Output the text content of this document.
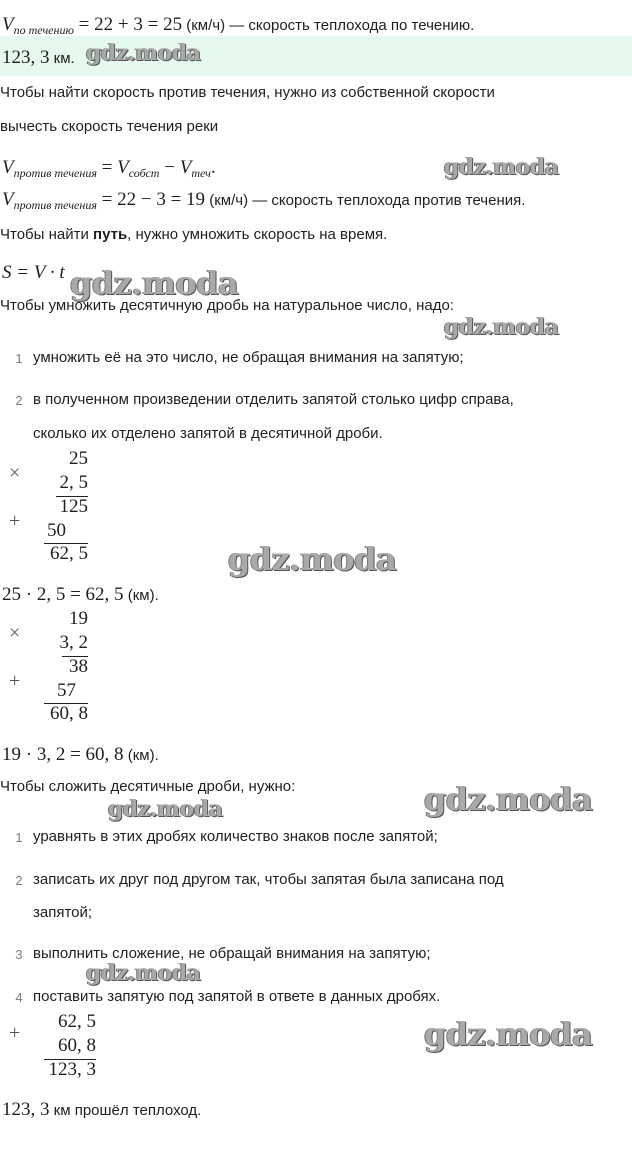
$V_{по течению} = 22 + 3 = 25$ (км/ч) — скорость теплохода по течению.
123, 3 км. gdz.moda
Чтобы найти скорость против течения, нужно из собственной скорости
вычесть скорость течения реки
$V_{против течения} = V_{собст} - V_{теч}$.	gdz.moda
$V_{против течения} = 22 - 3 = 19$ (км/ч) — скорость теплохода против течения.
Чтобы найти путь, нужно умножить скорость на время.
S = V · t gdz.moda
Чтобы умножить десятичную дробь на натуральное число, надо:
gdz.moda
1 умножить её на это число, не обращая внимания на запятую;
2 в полученном произведении отделить запятой столько цифр справа,
сколько их отделено запятой в десятичной дроби.
×
25
2, 5
125
+	50
62, 5	gdz.moda
25 · 2, 5 = 62, 5 (км).
×
19
3, 2
38
+	57
60, 8
19 · 3, 2 = 60, 8 (км).
Чтобы сложить десятичные дроби, нужно:
gdz.moda	gdz.moda
1 уравнять в этих дробях количество знаков после запятой;
2 записать их друг под другом так, чтобы запятая была записана под
запятой;
3 выполнить сложение, не обращай внимания на запятую;
gdz.moda
4 поставить запятую под запятой в ответе в данных дробях.
+
62, 5
60, 8
123, 3
gdz.moda
123, 3 км прошёл теплоход.
